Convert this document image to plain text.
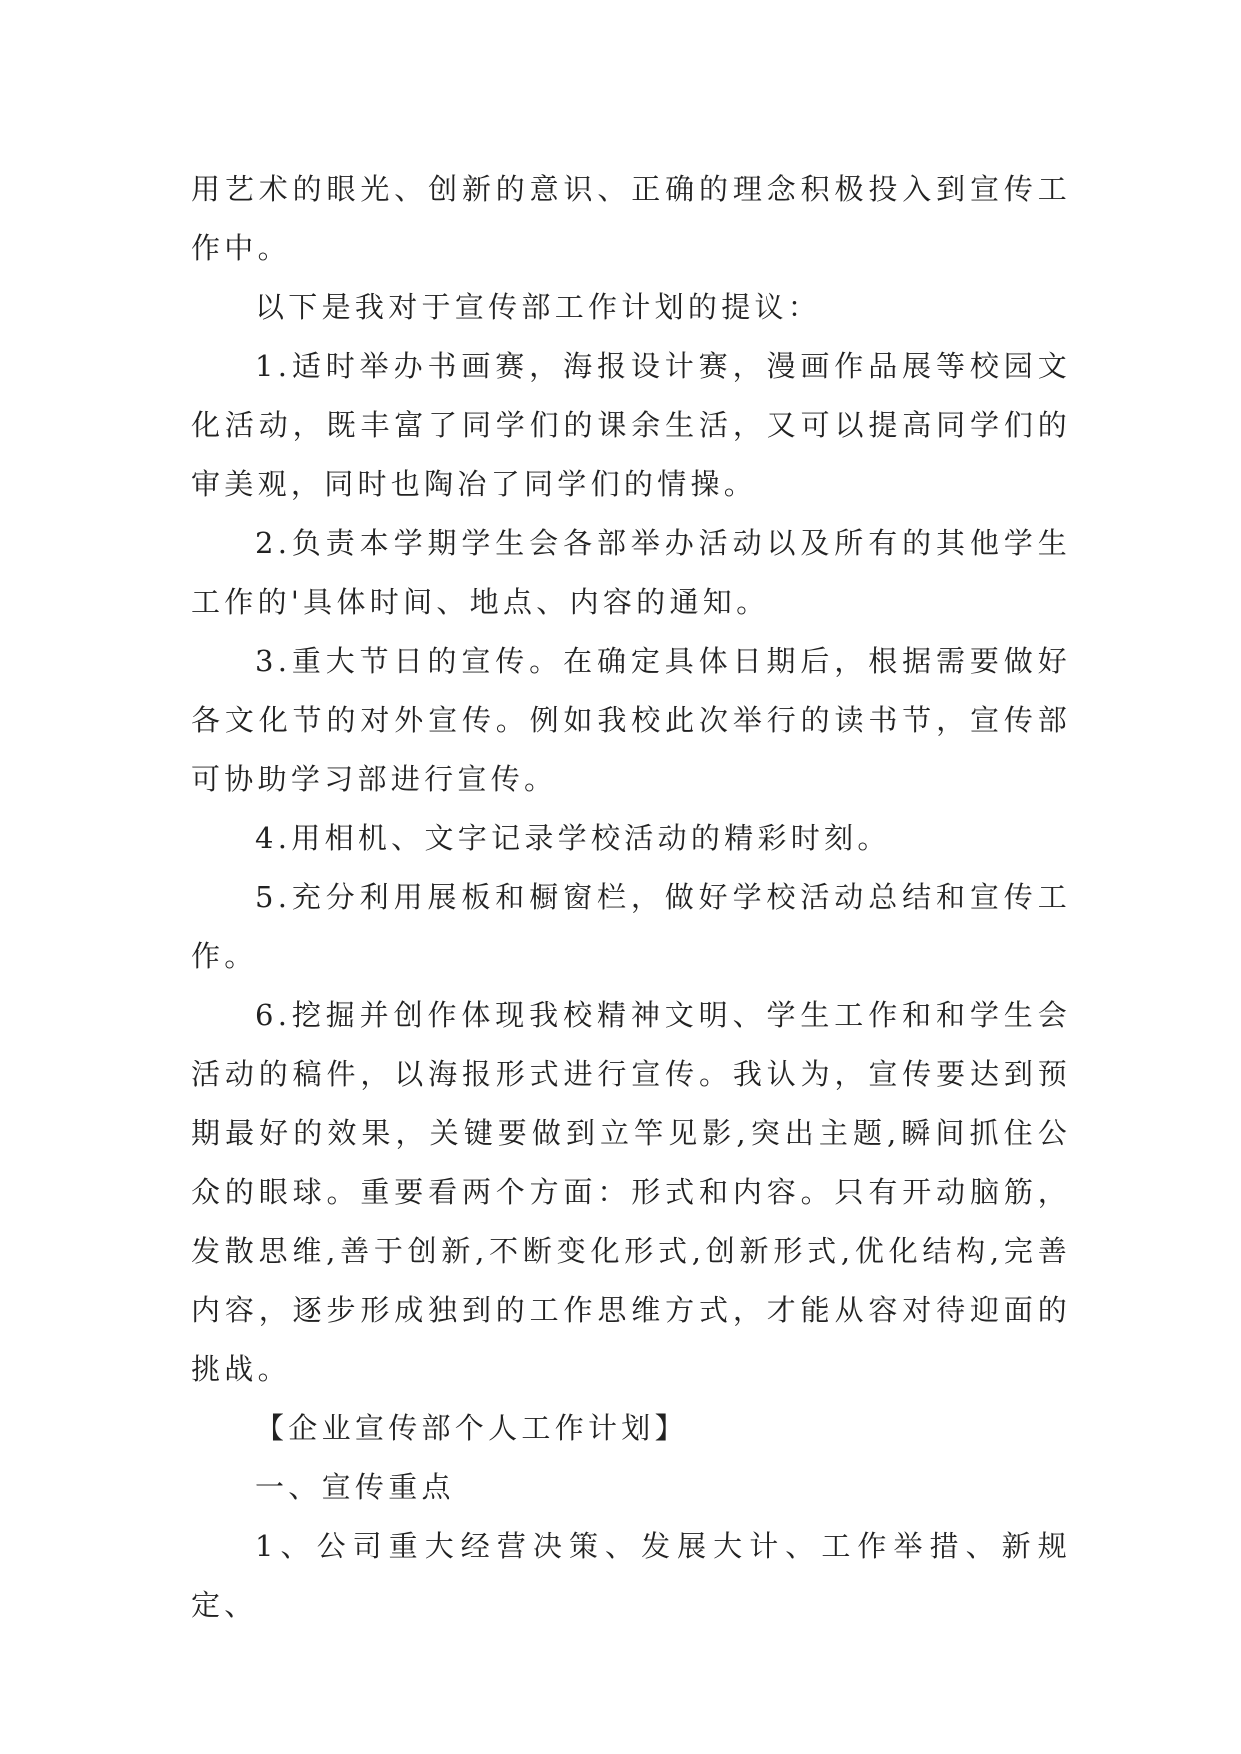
用艺术的眼光、创新的意识、正确的理念积极投入到宣传工作中。

以下是我对于宣传部工作计划的提议：

1.适时举办书画赛，海报设计赛，漫画作品展等校园文化活动，既丰富了同学们的课余生活，又可以提高同学们的审美观，同时也陶冶了同学们的情操。

2.负责本学期学生会各部举办活动以及所有的其他学生工作的'具体时间、地点、内容的通知。

3.重大节日的宣传。在确定具体日期后，根据需要做好各文化节的对外宣传。例如我校此次举行的读书节，宣传部可协助学习部进行宣传。

4.用相机、文字记录学校活动的精彩时刻。

5.充分利用展板和橱窗栏，做好学校活动总结和宣传工作。

6.挖掘并创作体现我校精神文明、学生工作和和学生会活动的稿件，以海报形式进行宣传。我认为，宣传要达到预期最好的效果，关键要做到立竿见影,突出主题,瞬间抓住公众的眼球。重要看两个方面：形式和内容。只有开动脑筋，发散思维,善于创新,不断变化形式,创新形式,优化结构,完善内容，逐步形成独到的工作思维方式，才能从容对待迎面的挑战。

【企业宣传部个人工作计划】

一、宣传重点

1、公司重大经营决策、发展大计、工作举措、新规定、
